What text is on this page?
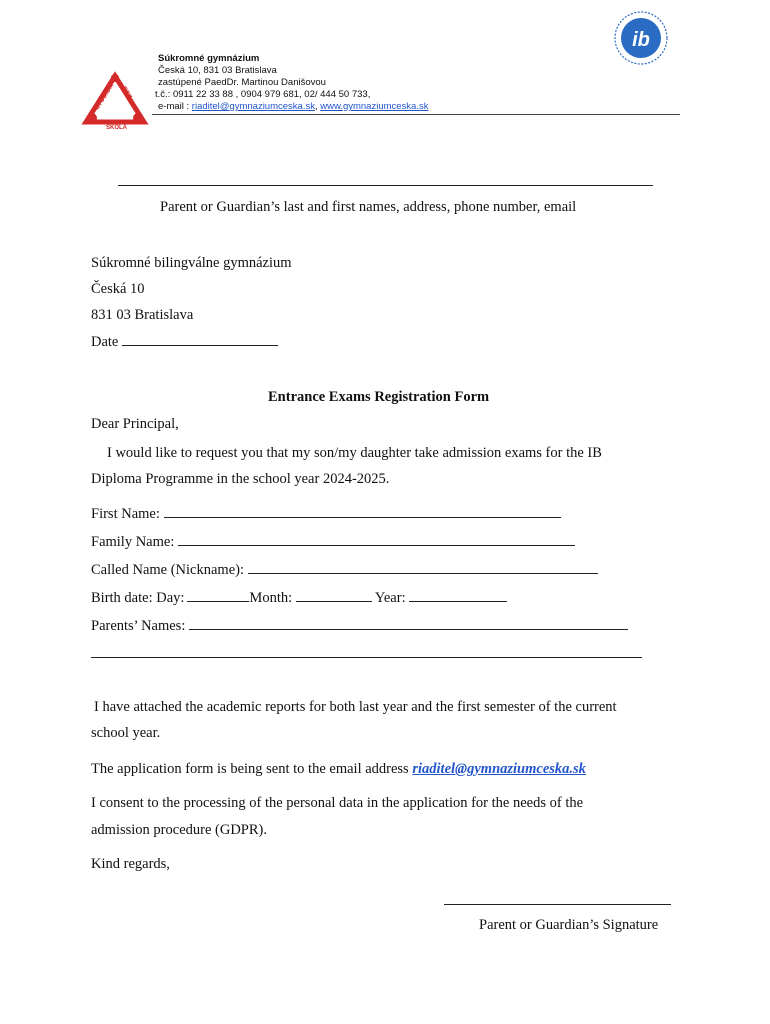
ŠTÚDIUM BEZ
ŠKOLA
Súkromné gymnázium
Česká 10, 831 03 Bratislava
zastúpené PaedDr. Martinou Danišovou
t.č.: 0911 22 33 88 , 0904 979 681, 02/ 444 50 733,
e-mail : riaditel@gymnaziumceska.sk, www.gymnaziumceska.sk
ib
Parent or Guardian’s last and first names, address, phone number, email
Súkromné bilingválne gymnázium
Česká 10
831 03 Bratislava
Date
Entrance Exams Registration Form
Dear Principal,
I would like to request you that my son/my daughter take admission exams for the IB
Diploma Programme in the school year 2024-2025.
First Name:
Family Name:
Called Name (Nickname):
Birth date: Day:	Month:	Year:
Parents’ Names:
I have attached the academic reports for both last year and the first semester of the current
school year.
The application form is being sent to the email address riaditel@gymnaziumceska.sk
I consent to the processing of the personal data in the application for the needs of the
admission procedure (GDPR).
Kind regards,
Parent or Guardian’s Signature
